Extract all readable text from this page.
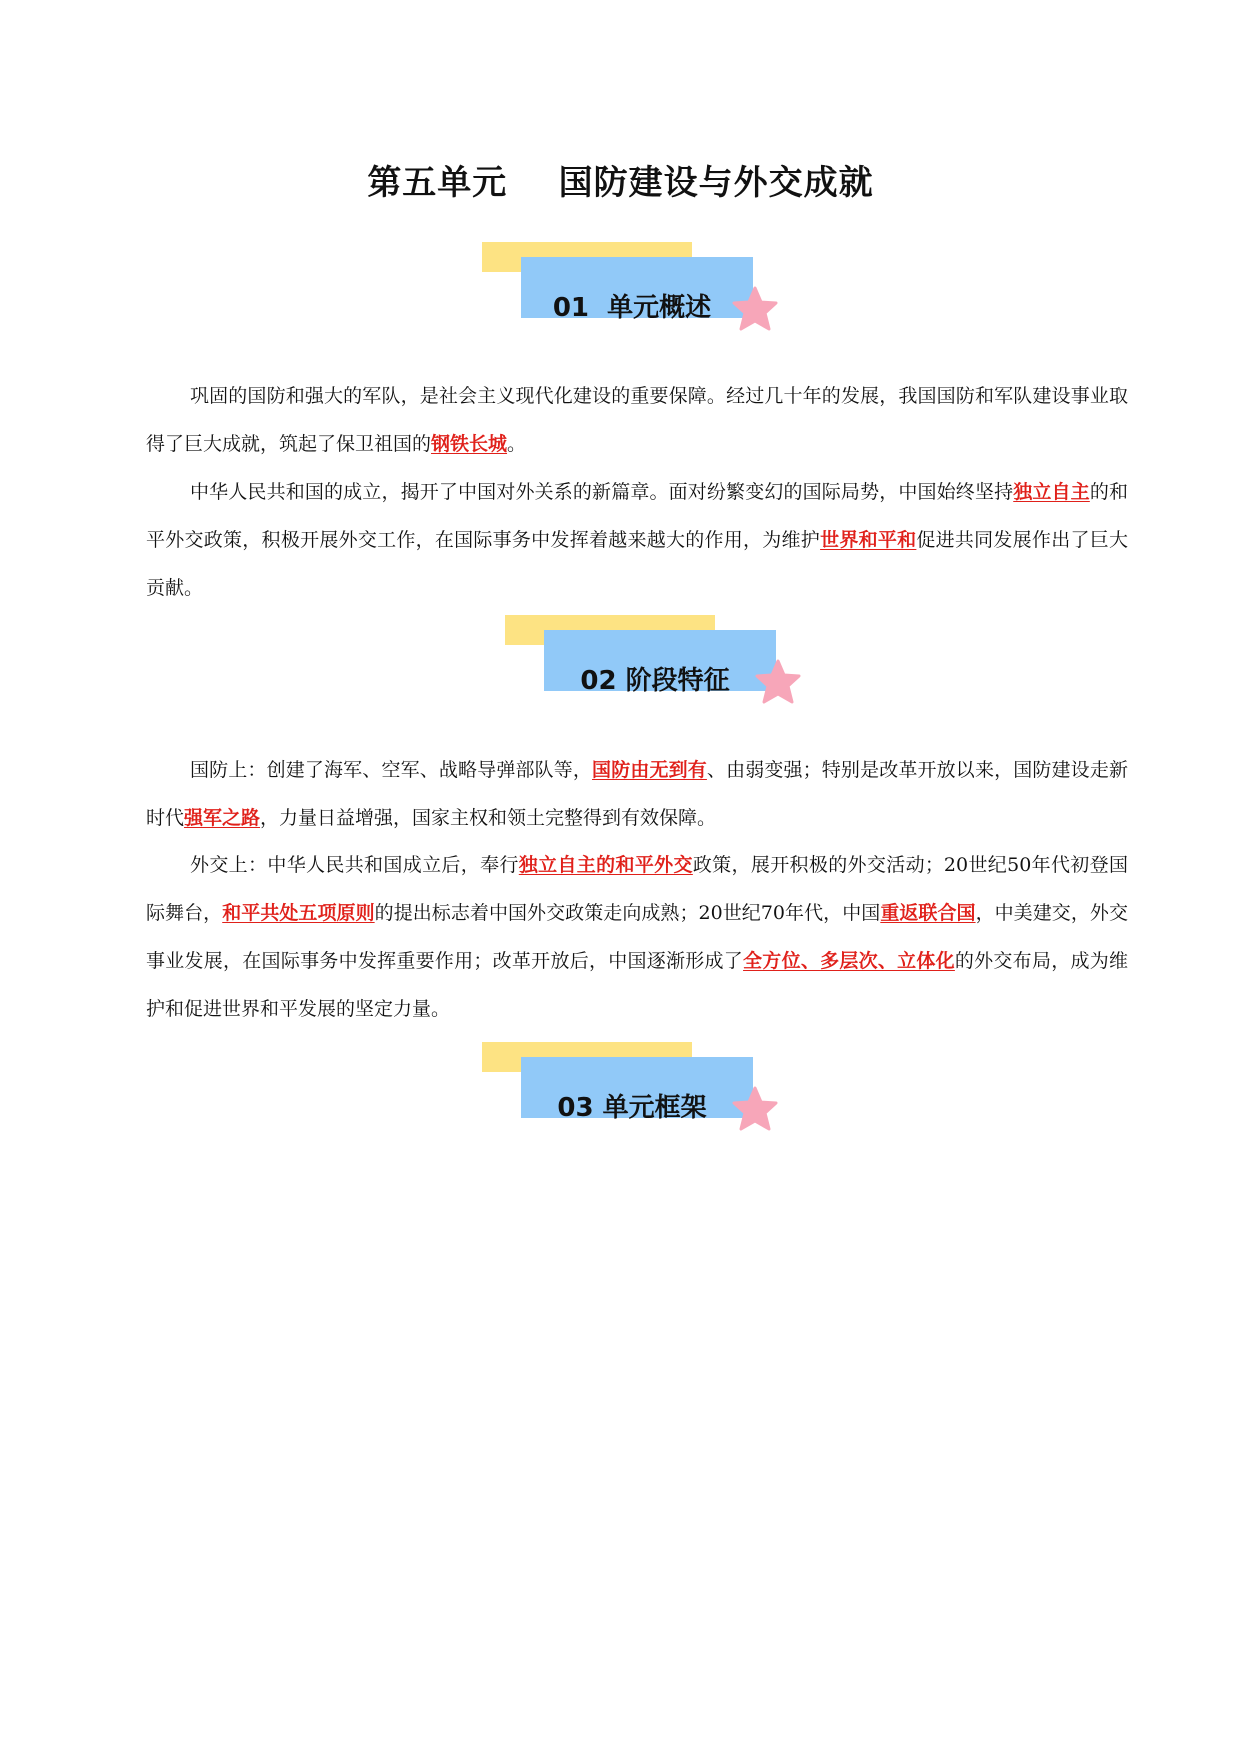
第五单元    国防建设与外交成就
01  单元概述

巩固的国防和强大的军队，是社会主义现代化建设的重要保障。经过几十年的发展，我国国防和军队建设事业取得了巨大成就，筑起了保卫祖国的钢铁长城。

中华人民共和国的成立，揭开了中国对外关系的新篇章。面对纷繁变幻的国际局势，中国始终坚持独立自主的和平外交政策，积极开展外交工作，在国际事务中发挥着越来越大的作用，为维护世界和平和促进共同发展作出了巨大贡献。

02 阶段特征

国防上：创建了海军、空军、战略导弹部队等，国防由无到有、由弱变强；特别是改革开放以来，国防建设走新时代强军之路，力量日益增强，国家主权和领土完整得到有效保障。

外交上：中华人民共和国成立后，奉行独立自主的和平外交政策，展开积极的外交活动；20世纪50年代初登国际舞台，和平共处五项原则的提出标志着中国外交政策走向成熟；20世纪70年代，中国重返联合国，中美建交，外交事业发展，在国际事务中发挥重要作用；改革开放后，中国逐渐形成了全方位、多层次、立体化的外交布局，成为维护和促进世界和平发展的坚定力量。

03 单元框架
